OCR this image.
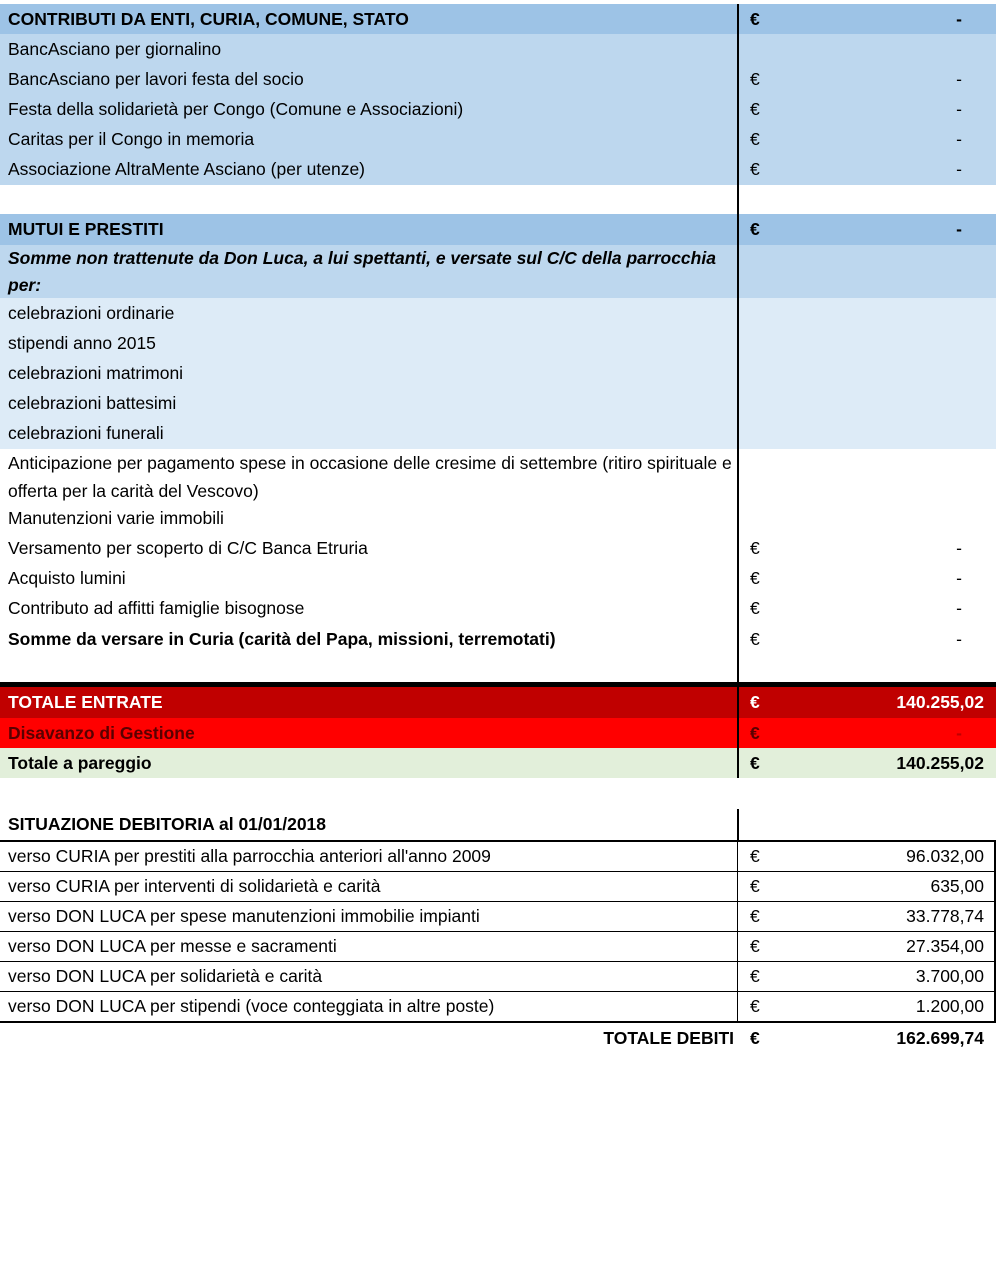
CONTRIBUTI DA ENTI, CURIA, COMUNE, STATO	€	-
BancAsciano per giornalino
BancAsciano per lavori festa del socio	€	-
Festa della solidarietà per Congo (Comune e Associazioni)	€	-
Caritas per il Congo in memoria	€	-
Associazione AltraMente Asciano (per utenze)	€	-
MUTUI E PRESTITI	€	-
Somme non trattenute da Don Luca, a lui spettanti, e versate sul C/C della parrocchia per:
celebrazioni ordinarie
stipendi anno 2015
celebrazioni matrimoni
celebrazioni battesimi
celebrazioni funerali
Anticipazione per pagamento spese in occasione delle cresime di settembre (ritiro spirituale e offerta per la carità del Vescovo)
Manutenzioni varie immobili
Versamento per scoperto di C/C Banca Etruria	€	-
Acquisto lumini	€	-
Contributo ad affitti famiglie bisognose	€	-
Somme da versare in Curia (carità del Papa, missioni, terremotati)	€	-
TOTALE ENTRATE	€	140.255,02
Disavanzo di Gestione	€	-
Totale a pareggio	€	140.255,02
SITUAZIONE DEBITORIA al 01/01/2018
verso CURIA per prestiti alla parrocchia anteriori all'anno 2009	€	96.032,00
verso CURIA per interventi di solidarietà e carità	€	635,00
verso DON LUCA per spese manutenzioni immobilie impianti	€	33.778,74
verso DON LUCA per messe e sacramenti	€	27.354,00
verso DON LUCA per solidarietà e carità	€	3.700,00
verso DON LUCA per stipendi (voce conteggiata in altre poste)	€	1.200,00
TOTALE DEBITI €	162.699,74
